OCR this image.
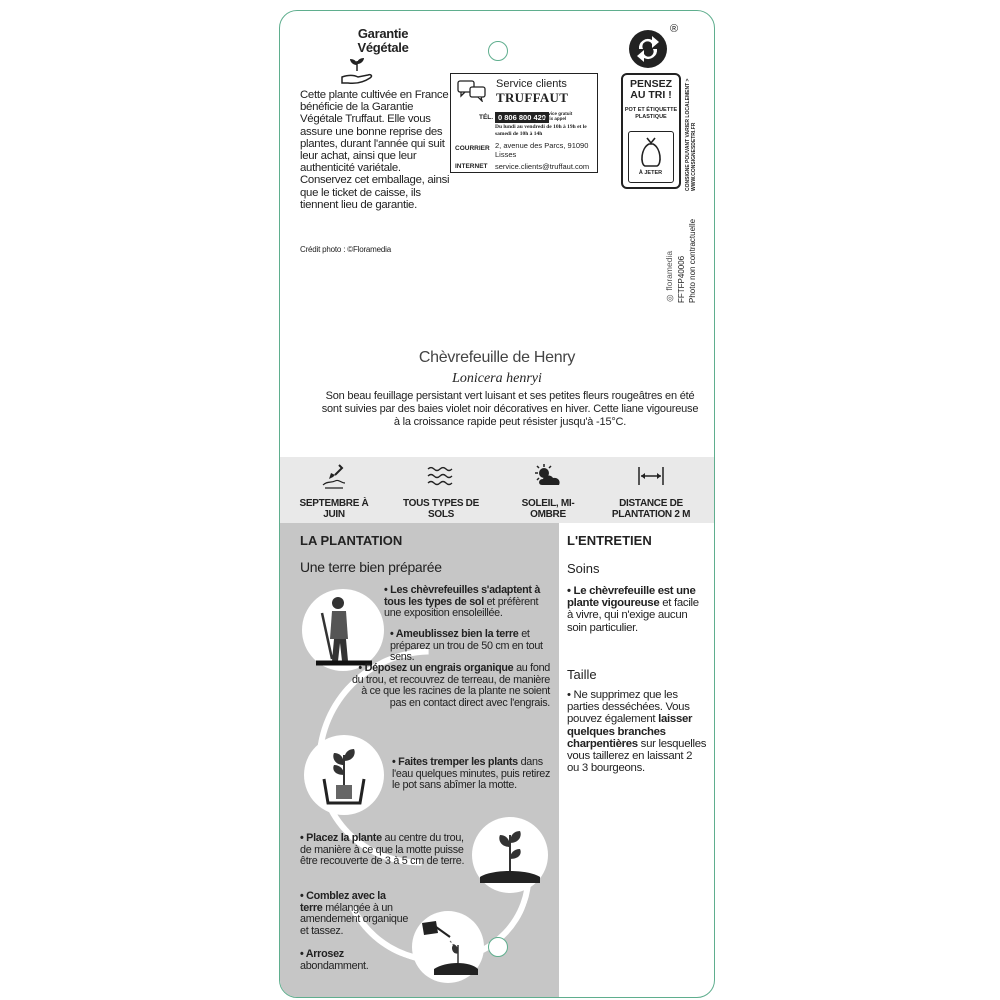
Garantie
Végétale
Cette plante cultivée en France bénéficie de la Garantie Végétale Truffaut. Elle vous assure une bonne reprise des plantes, durant l'année qui suit leur achat, ainsi que leur authenticité variétale. Conservez cet emballage, ainsi que le ticket de caisse, ils tiennent lieu de garantie.
Crédit photo : ©Floramedia
Service clients
TRUFFAUT
TÉL. 0 806 800 420
Service gratuit + prix appel
Du lundi au vendredi de 10h à 19h et le samedi de 10h à 14h
COURRIER 2, avenue des Parcs, 91090 Lisses
INTERNET service.clients@truffaut.com
®
PENSEZ
AU TRI !
POT ET ÉTIQUETTE PLASTIQUE
À JETER	CONSIGNE POUVANT VARIER LOCALEMENT > WWW.CONSIGNESDETRI.FR
◎ floramedia FFTFP40006 Photo non contractuelle
Chèvrefeuille de Henry
Lonicera henryi
Son beau feuillage persistant vert luisant et ses petites fleurs rougeâtres en été sont suivies par des baies violet noir décoratives en hiver. Cette liane vigoureuse à la croissance rapide peut résister jusqu'à -15°C.
SEPTEMBRE À JUIN
TOUS TYPES DE SOLS
SOLEIL, MI-OMBRE
DISTANCE DE PLANTATION 2 M
LA PLANTATION
Une terre bien préparée
• Les chèvrefeuilles s'adaptent à tous les types de sol et préfèrent une exposition ensoleillée.
• Ameublissez bien la terre et préparez un trou de 50 cm en tout sens.
• Déposez un engrais organique au fond du trou, et recouvrez de terreau, de manière à ce que les racines de la plante ne soient pas en contact direct avec l'engrais.
• Faites tremper les plants dans l'eau quelques minutes, puis retirez le pot sans abîmer la motte.
• Placez la plante au centre du trou, de manière à ce que la motte puisse être recouverte de 3 à 5 cm de terre.
• Comblez avec la terre mélangée à un amendement organique et tassez.
• Arrosez abondamment.
L'ENTRETIEN
Soins
• Le chèvrefeuille est une plante vigoureuse et facile à vivre, qui n'exige aucun soin particulier.
Taille
• Ne supprimez que les parties desséchées. Vous pouvez également laisser quelques branches charpentières sur lesquelles vous taillerez en laissant 2 ou 3 bourgeons.
